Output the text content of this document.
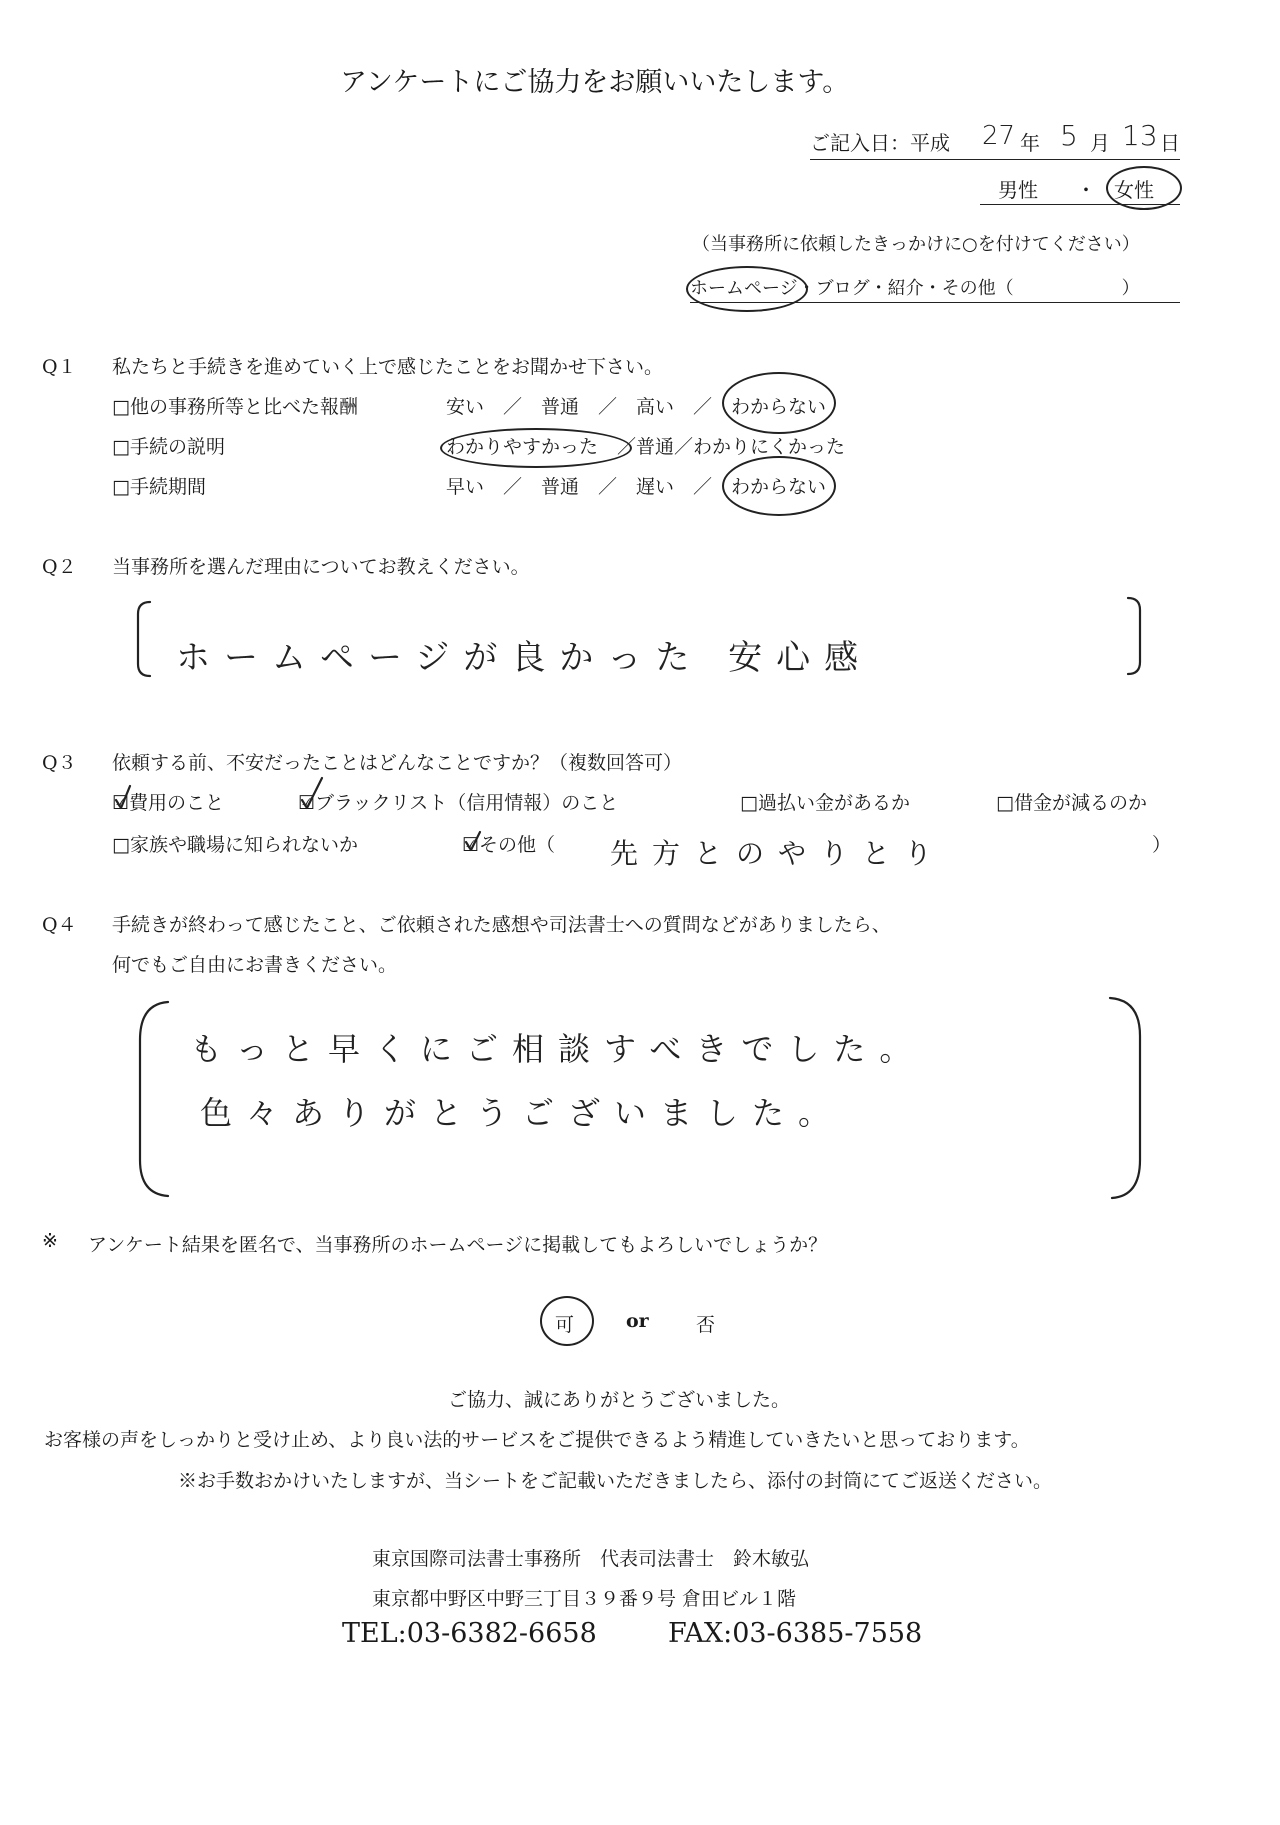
アンケートにご協力をお願いいたします。
ご記入日：平成 27 年 5 月 13 日
男性 ・ 女性
（当事務所に依頼したきっかけに○を付けてください）
ホームページ・ブログ・紹介・その他（　　　　　　）
Q１ 私たちと手続きを進めていく上で感じたことをお聞かせ下さい。
□他の事務所等と比べた報酬	安い　／　普通　／　高い　／　わからない
□手続の説明	わかりやすかった　／普通／わかりにくかった
□手続期間	早い　／　普通　／　遅い　／　わからない
Q２ 当事務所を選んだ理由についてお教えください。
ホームページが良かった 安心感
Q３ 依頼する前、不安だったことはどんなことですか？（複数回答可）
☑費用のこと	☑ブラックリスト（信用情報）のこと	□過払い金があるか	□借金が減るのか
□家族や職場に知られないか	☑その他（	）
先方とのやりとり
Q４ 手続きが終わって感じたこと、ご依頼された感想や司法書士への質問などがありましたら、
何でもご自由にお書きください。
もっと早くにご相談すべきでした。
色々ありがとうございました。
※ アンケート結果を匿名で、当事務所のホームページに掲載してもよろしいでしょうか？
可	or 否
ご協力、誠にありがとうございました。
お客様の声をしっかりと受け止め、より良い法的サービスをご提供できるよう精進していきたいと思っております。
※お手数おかけいたしますが、当シートをご記載いただきましたら、添付の封筒にてご返送ください。
東京国際司法書士事務所　代表司法書士　鈴木敏弘
東京都中野区中野三丁目３９番９号 倉田ビル１階
TEL:03-6382-6658	FAX:03-6385-7558
